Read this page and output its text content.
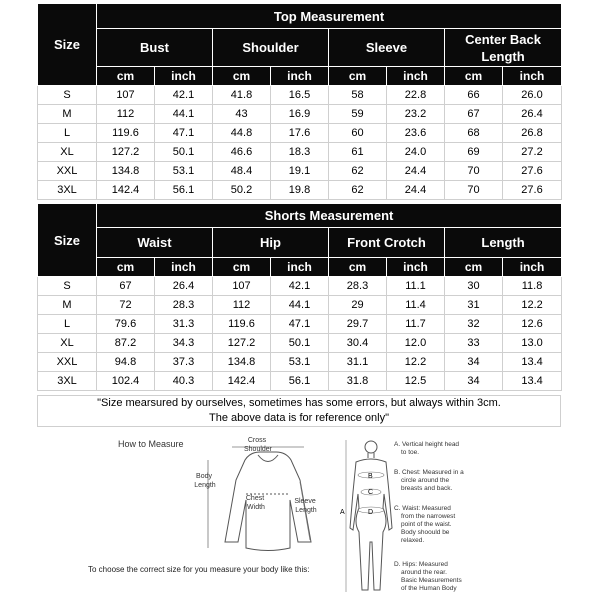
Size	Top Measurement							
	Bust		Shoulder		Sleeve		Center Back Length	
	cm	inch	cm	inch	cm	inch	cm	inch
S	107	42.1	41.8	16.5	58	22.8	66	26.0
M	112	44.1	43	16.9	59	23.2	67	26.4
L	119.6	47.1	44.8	17.6	60	23.6	68	26.8
XL	127.2	50.1	46.6	18.3	61	24.0	69	27.2
XXL	134.8	53.1	48.4	19.1	62	24.4	70	27.6
3XL	142.4	56.1	50.2	19.8	62	24.4	70	27.6
Size	Shorts Measurement							
	Waist		Hip		Front Crotch		Length	
	cm	inch	cm	inch	cm	inch	cm	inch
S	67	26.4	107	42.1	28.3	11.1	30	11.8
M	72	28.3	112	44.1	29	11.4	31	12.2
L	79.6	31.3	119.6	47.1	29.7	11.7	32	12.6
XL	87.2	34.3	127.2	50.1	30.4	12.0	33	13.0
XXL	94.8	37.3	134.8	53.1	31.1	12.2	34	13.4
3XL	102.4	40.3	142.4	56.1	31.8	12.5	34	13.4
"Size mearsured by ourselves, sometimes has some errors, but always within 3cm.
The above data is for reference only"
How to Measure	Cross Shoulder
Body Length
Chest Width
Sleeve Length
To choose the correct size for you measure your body like this:
A
B
C
D
A. Vertical height head to toe.
B. Chest: Measured in a circle around the breasts and back.
C. Waist: Measured from the narrowest point of the waist. Body shoould be relaxed.
D. Hips: Measured around the rear. Basic Measurements of the Human Body
